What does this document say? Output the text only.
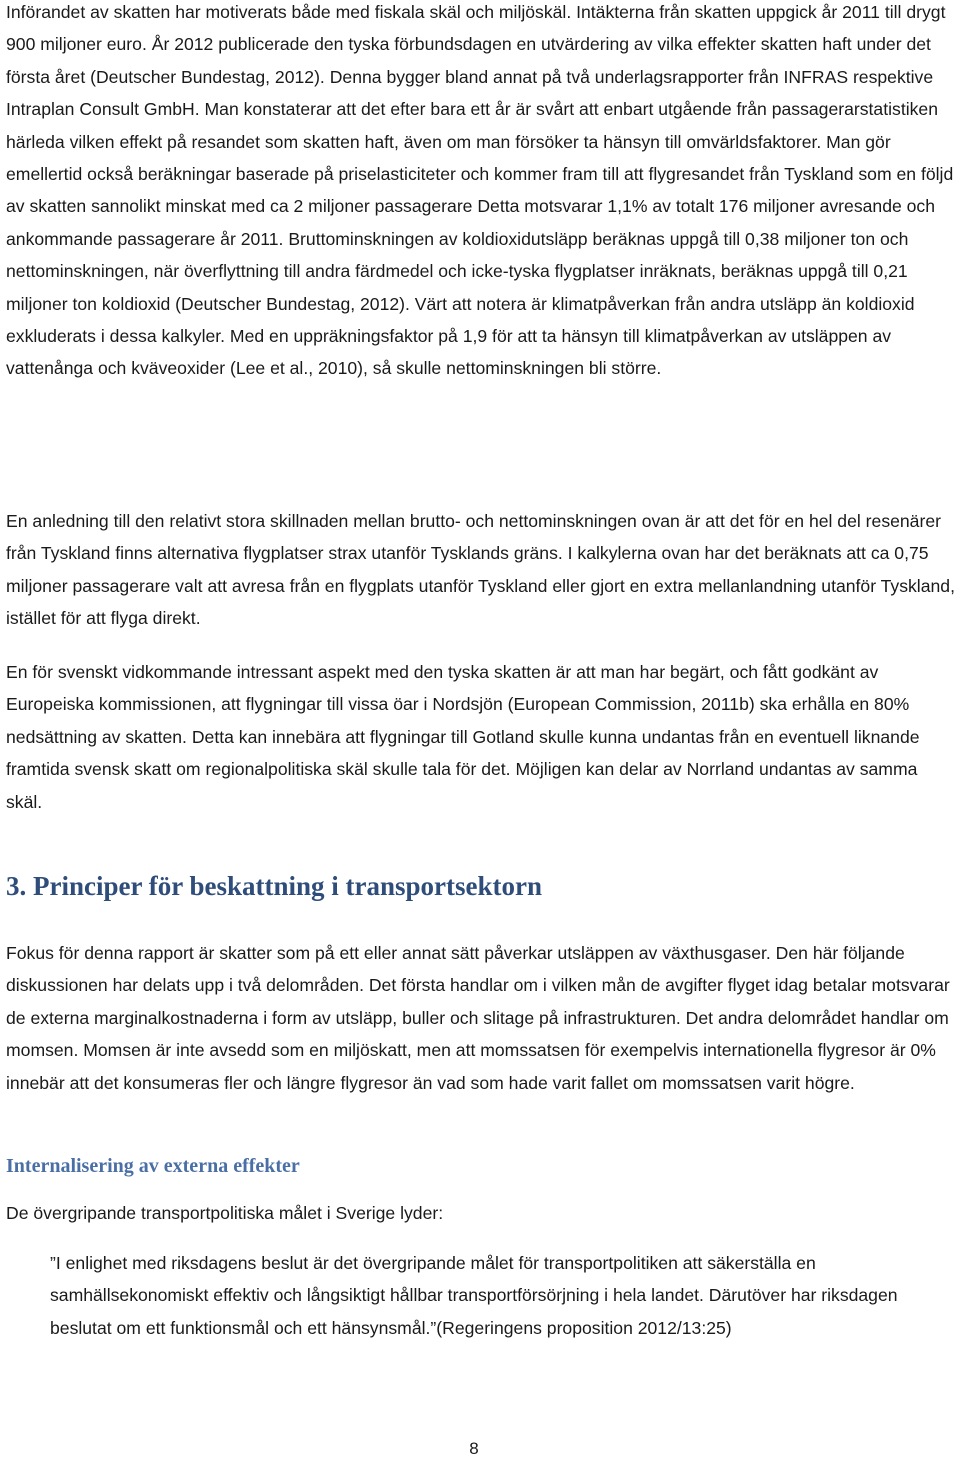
Införandet av skatten har motiverats både med fiskala skäl och miljöskäl. Intäkterna från skatten uppgick år 2011 till drygt 900 miljoner euro. År 2012 publicerade den tyska förbundsdagen en utvärdering av vilka effekter skatten haft under det första året (Deutscher Bundestag, 2012). Denna bygger bland annat på två underlagsrapporter från INFRAS respektive Intraplan Consult GmbH. Man konstaterar att det efter bara ett år är svårt att enbart utgående från passagerarstatistiken härleda vilken effekt på resandet som skatten haft, även om man försöker ta hänsyn till omvärldsfaktorer. Man gör emellertid också beräkningar baserade på priselasticiteter och kommer fram till att flygresandet från Tyskland som en följd av skatten sannolikt minskat med ca 2 miljoner passagerare Detta motsvarar 1,1% av totalt 176 miljoner avresande och ankommande passagerare år 2011. Bruttominskningen av koldioxidutsläpp beräknas uppgå till 0,38 miljoner ton och nettominskningen, när överflyttning till andra färdmedel och icke-tyska flygplatser inräknats, beräknas uppgå till 0,21 miljoner ton koldioxid (Deutscher Bundestag, 2012). Värt att notera är klimatpåverkan från andra utsläpp än koldioxid exkluderats i dessa kalkyler. Med en uppräkningsfaktor på 1,9 för att ta hänsyn till klimatpåverkan av utsläppen av vattenånga och kväveoxider (Lee et al., 2010), så skulle nettominskningen bli större.

En anledning till den relativt stora skillnaden mellan brutto- och nettominskningen ovan är att det för en hel del resenärer från Tyskland finns alternativa flygplatser strax utanför Tysklands gräns. I kalkylerna ovan har det beräknats att ca 0,75 miljoner passagerare valt att avresa från en flygplats utanför Tyskland eller gjort en extra mellanlandning utanför Tyskland, istället för att flyga direkt.

En för svenskt vidkommande intressant aspekt med den tyska skatten är att man har begärt, och fått godkänt av Europeiska kommissionen, att flygningar till vissa öar i Nordsjön (European Commission, 2011b) ska erhålla en 80% nedsättning av skatten. Detta kan innebära att flygningar till Gotland skulle kunna undantas från en eventuell liknande framtida svensk skatt om regionalpolitiska skäl skulle tala för det. Möjligen kan delar av Norrland undantas av samma skäl.

3. Principer för beskattning i transportsektorn

Fokus för denna rapport är skatter som på ett eller annat sätt påverkar utsläppen av växthusgaser. Den här följande diskussionen har delats upp i två delområden. Det första handlar om i vilken mån de avgifter flyget idag betalar motsvarar de externa marginalkostnaderna i form av utsläpp, buller och slitage på infrastrukturen. Det andra delområdet handlar om momsen. Momsen är inte avsedd som en miljöskatt, men att momssatsen för exempelvis internationella flygresor är 0% innebär att det konsumeras fler och längre flygresor än vad som hade varit fallet om momssatsen varit högre.

Internalisering av externa effekter

De övergripande transportpolitiska målet i Sverige lyder:

”I enlighet med riksdagens beslut är det övergripande målet för transportpolitiken att säkerställa en samhällsekonomiskt effektiv och långsiktigt hållbar transportförsörjning i hela landet. Därutöver har riksdagen beslutat om ett funktionsmål och ett hänsynsmål.”(Regeringens proposition 2012/13:25)

8
